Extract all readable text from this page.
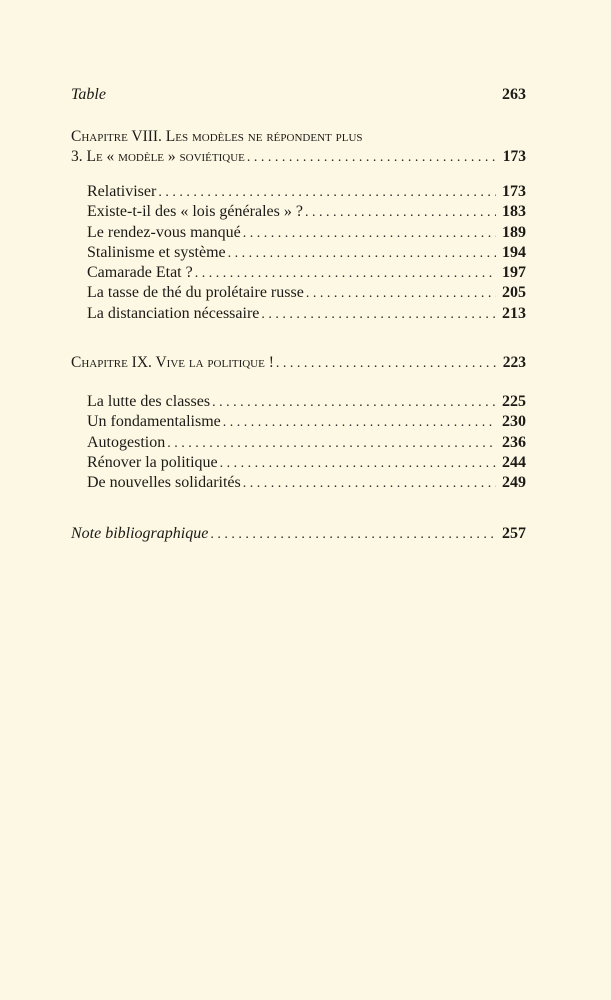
Table	263
Chapitre VIII. Les modèles ne répondent plus
3. Le « modèle » soviétique . . .	173
Relativiser . . .	173
Existe-t-il des « lois générales » ? . . .	183
Le rendez-vous manqué . . .	189
Stalinisme et système . . .	194
Camarade Etat ? . . .	197
La tasse de thé du prolétaire russe . . .	205
La distanciation nécessaire . . .	213
Chapitre IX. Vive la politique ! . . .	223
La lutte des classes . . .	225
Un fondamentalisme . . .	230
Autogestion . . .	236
Rénover la politique . . .	244
De nouvelles solidarités . . .	249
Note bibliographique . . .	257
